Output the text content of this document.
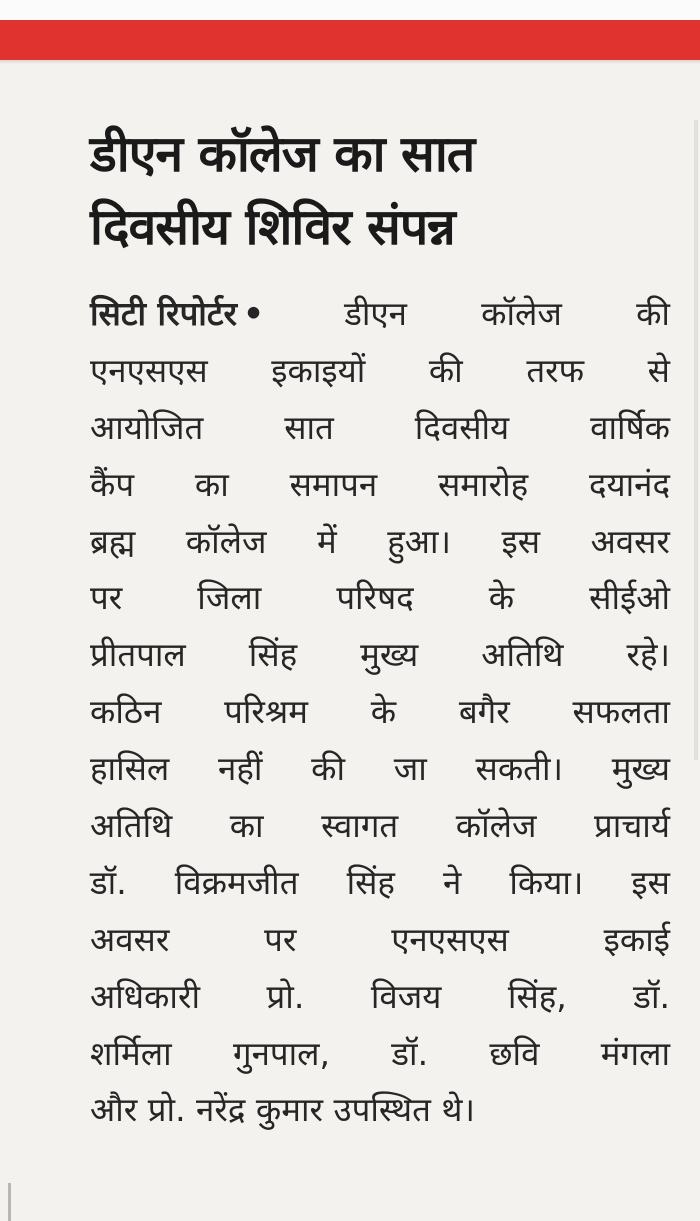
डीएन कॉलेज का सात
दिवसीय शिविर संपन्न
सिटी रिपोर्टर • डीएन कॉलेज की
एनएसएस इकाइयों की तरफ से
आयोजित सात दिवसीय वार्षिक
कैंप का समापन समारोह दयानंद
ब्रह्म कॉलेज में हुआ। इस अवसर
पर जिला परिषद के सीईओ
प्रीतपाल सिंह मुख्य अतिथि रहे।
कठिन परिश्रम के बगैर सफलता
हासिल नहीं की जा सकती। मुख्य
अतिथि का स्वागत कॉलेज प्राचार्य
डॉ. विक्रमजीत सिंह ने किया। इस
अवसर	पर	एनएसएस	इकाई
अधिकारी प्रो. विजय सिंह, डॉ.
शर्मिला गुनपाल, डॉ. छवि मंगला
और प्रो. नरेंद्र कुमार उपस्थित थे।
